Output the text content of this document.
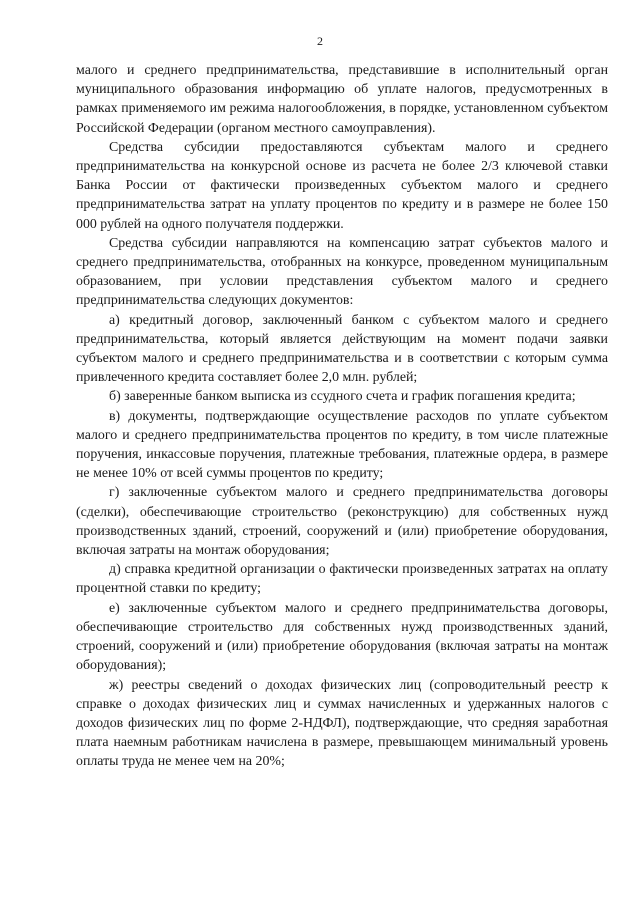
2

малого и среднего предпринимательства, представившие в исполнительный орган муниципального образования информацию об уплате налогов, предусмотренных в рамках применяемого им режима налогообложения, в порядке, установленном субъектом Российской Федерации (органом местного самоуправления).

Средства субсидии предоставляются субъектам малого и среднего предпринимательства на конкурсной основе из расчета не более 2/3 ключевой ставки Банка России от фактически произведенных субъектом малого и среднего предпринимательства затрат на уплату процентов по кредиту и в размере не более 150 000 рублей на одного получателя поддержки.

Средства субсидии направляются на компенсацию затрат субъектов малого и среднего предпринимательства, отобранных на конкурсе, проведенном муниципальным образованием, при условии представления субъектом малого и среднего предпринимательства следующих документов:

а) кредитный договор, заключенный банком с субъектом малого и среднего предпринимательства, который является действующим на момент подачи заявки субъектом малого и среднего предпринимательства и в соответствии с которым сумма привлеченного кредита составляет более 2,0 млн. рублей;

б) заверенные банком выписка из ссудного счета и график погашения кредита;

в) документы, подтверждающие осуществление расходов по уплате субъектом малого и среднего предпринимательства процентов по кредиту, в том числе платежные поручения, инкассовые поручения, платежные требования, платежные ордера, в размере не менее 10% от всей суммы процентов по кредиту;

г) заключенные субъектом малого и среднего предпринимательства договоры (сделки), обеспечивающие строительство (реконструкцию) для собственных нужд производственных зданий, строений, сооружений и (или) приобретение оборудования, включая затраты на монтаж оборудования;

д) справка кредитной организации о фактически произведенных затратах на оплату процентной ставки по кредиту;

е) заключенные субъектом малого и среднего предпринимательства договоры, обеспечивающие строительство для собственных нужд производственных зданий, строений, сооружений и (или) приобретение оборудования (включая затраты на монтаж оборудования);

ж) реестры сведений о доходах физических лиц (сопроводительный реестр к справке о доходах физических лиц и суммах начисленных и удержанных налогов с доходов физических лиц по форме 2-НДФЛ), подтверждающие, что средняя заработная плата наемным работникам начислена в размере, превышающем минимальный уровень оплаты труда не менее чем на 20%;
